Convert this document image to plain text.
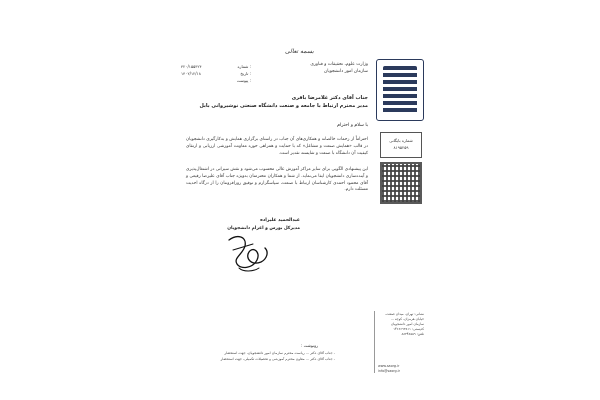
بسمه تعالی
وزارت علوم، تحقیقات و فناوری
سازمان امور دانشجویان
۴۲۰/۱۵۵۴۲۴	شماره :
۱۴۰۲/۱۲/۱۸	تاریخ :
پیوست :
جناب آقای دکتر غلامرضا باقری
مدیر محترم ارتباط با جامعه و صنعت دانشگاه صنعتی نوشیروانی بابل
با سلام و احترام
احتراماً از زحمات خالصانه و همکاری‌های آن جناب در راستای برگزاری همایش و به‌کارگیری دانشجویان در قالب «همایش صنعت و مشاغل» که با حمایت و همراهی حوزه معاونت آموزشی ارزیابی و ارتقای کیفیت آن دانشگاه با صنعت و شایسته تقدیر است.
این پیشنهادی الگویی برای سایر مراکز آموزش عالی محسوب می‌شود و نقش سیراتی در اشتغال‌پذیری و آینده‌سازی دانشجویان ایفا می‌نماید. از شما و همکاران محترمتان به‌ویژه جناب آقای علیرضا رفیعی و آقای محمود احمدی کارشناسان ارتباط با صنعت، سپاسگزارم و توفیق روزافزونتان را از درگاه احدیت مسئلت دارم.
شماره بایگانی
۸۱۹۵۲۵۹
عبدالحمید علیزاده
مدیرکل بورس و اعزام دانشجویان
رونوشت :
- جناب آقای دکتر ... ریاست محترم سازمان امور دانشجویان، جهت استحضار
- جناب آقای دکتر ... معاون محترم آموزشی و تحصیلات تکمیلی، جهت استحضار
نشانی: تهران، میدان صنعت،
خیابان هرمزان، کوچه ...
سازمان امور دانشجویان
کدپستی: ۱۴۶۶۶۹۳۸۱۱
تلفن: ۸۸۳۴۸۵۵۹
www.saorg.ir
info@saorg.ir
